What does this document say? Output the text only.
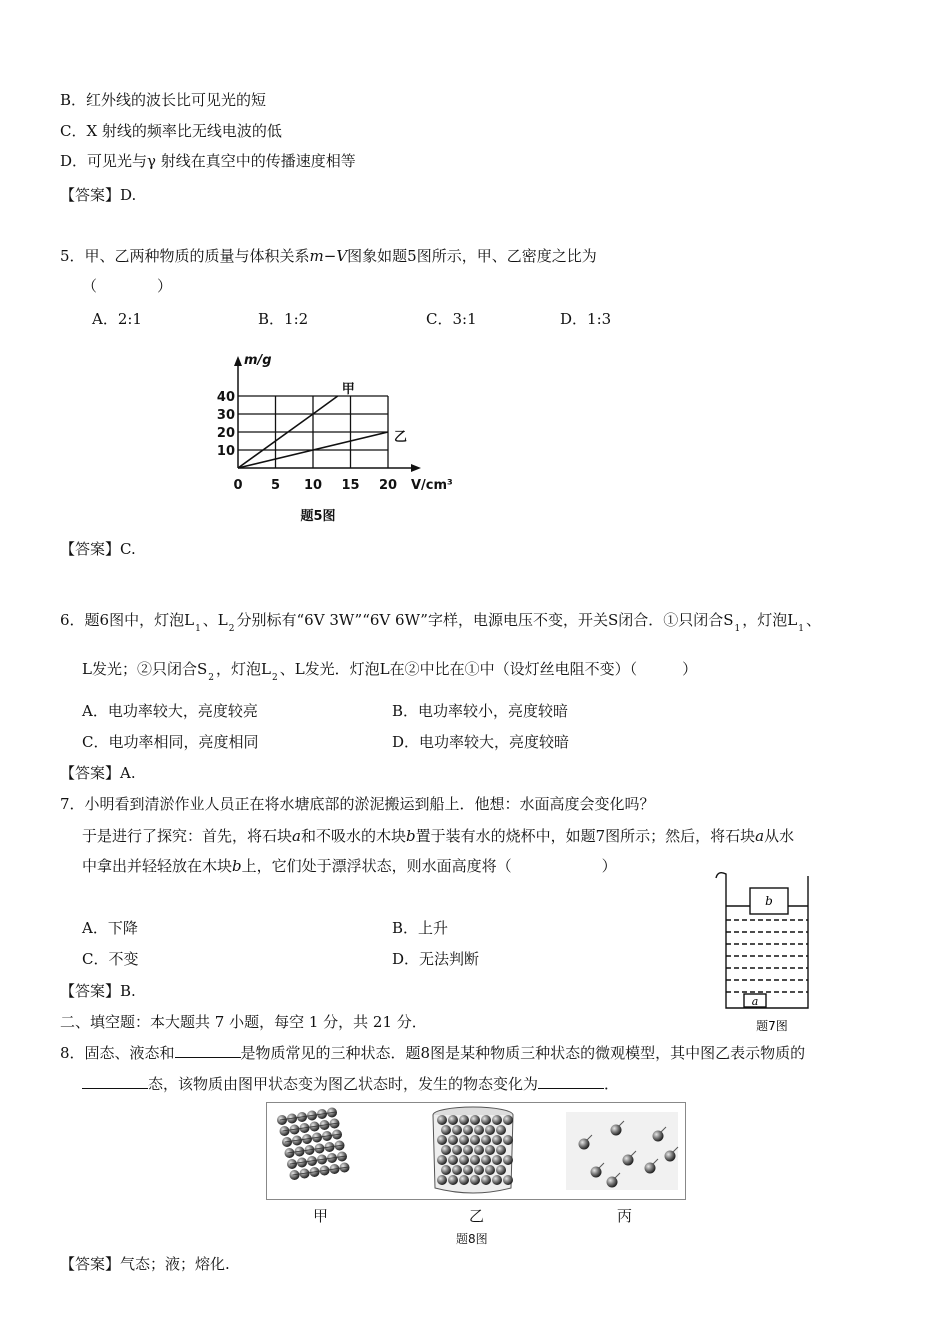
B．红外线的波长比可见光的短
C．X 射线的频率比无线电波的低
D．可见光与γ 射线在真空中的传播速度相等
【答案】D.
5．甲、乙两种物质的质量与体积关系m−V图象如题5图所示，甲、乙密度之比为
（　　　　）
A．2:1	B．1:2	C．3:1	D．1:3
10
20
30
40
0 5 10 15 20
m/g
V/cm³
甲
乙
题5图
【答案】C.
6．题6图中，灯泡$L_1$ 、$L_2$ 分别标有“6V 3W”“6V 6W”字样，电源电压不变，开关S闭合．①只闭合$S_1$ ，灯泡$L_1$ 、
L发光；②只闭合$S_2$ ，灯泡$L_2$ 、L发光．灯泡L在②中比在①中（设灯丝电阻不变）（　　　）
A．电功率较大，亮度较亮	B．电功率较小，亮度较暗
C．电功率相同，亮度相同	D．电功率较大，亮度较暗
【答案】A.
7．小明看到清淤作业人员正在将水塘底部的淤泥搬运到船上．他想：水面高度会变化吗？
于是进行了探究：首先，将石块a和不吸水的木块b置于装有水的烧杯中，如题7图所示；然后，将石块a从水
中拿出并轻轻放在木块b上，它们处于漂浮状态，则水面高度将（　　　　　　）
A．下降	B．上升
C．不变	D．无法判断
【答案】B.
b
a
题7图
二、填空题：本大题共 7 小题，每空 1 分，共 21 分．
8．固态、液态和	是物质常见的三种状态．题8图是某种物质三种状态的微观模型，其中图乙表示物质的
态，该物质由图甲状态变为图乙状态时，发生的物态变化为	．
甲	乙	丙
题8图
【答案】气态；液；熔化.
